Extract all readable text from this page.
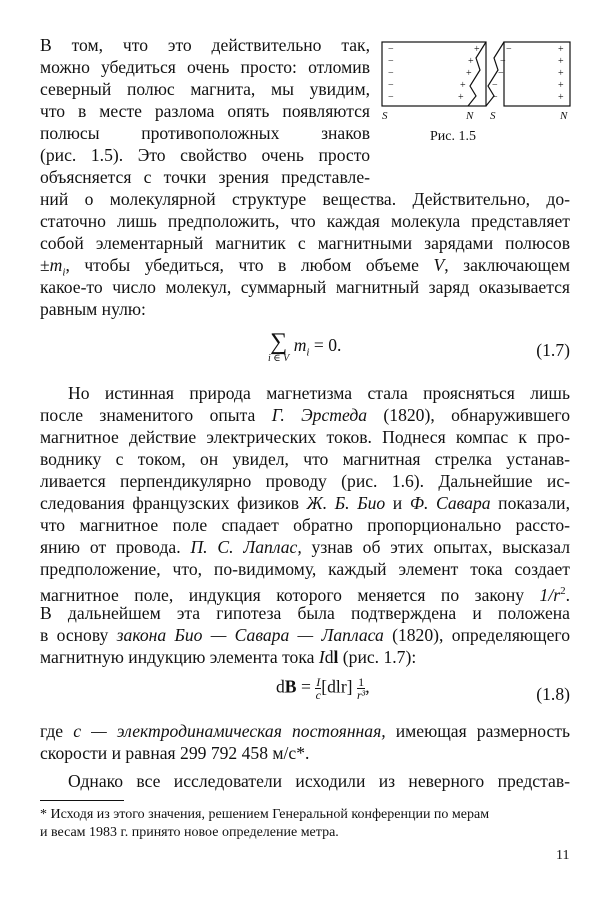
−
−
−
−
−
+
+
+
+
+
−
−
−
−
−
+
+
+
+
+
S	N S	N
Рис. 1.5
В том, что это действительно так,
можно убедиться очень просто: отломив
северный полюс магнита, мы увидим,
что в месте разлома опять появляются
полюсы противоположных знаков
(рис. 1.5). Это свойство очень просто
объясняется с точки зрения представле-
ний о молекулярной структуре вещества. Действительно, до-
статочно лишь предположить, что каждая молекула представляет
собой элементарный магнитик с магнитными зарядами полюсов
$\pm m_i$, чтобы убедиться, что в любом объеме V, заключающем
какое-то число молекул, суммарный магнитный заряд оказывается
равным нулю:
∑
i ∈ V
$m_i = 0$.	(1.7)
Но истинная природа магнетизма стала проясняться лишь
после знаменитого опыта Г. Эрстеда (1820), обнаружившего
магнитное действие электрических токов. Поднеся компас к про-
воднику с током, он увидел, что магнитная стрелка устанав-
ливается перпендикулярно проводу (рис. 1.6). Дальнейшие ис-
следования французских физиков Ж. Б. Био и Ф. Савара показали,
что магнитное поле спадает обратно пропорционально рассто-
янию от провода. П. С. Лаплас, узнав об этих опытах, высказал
предположение, что, по-видимому, каждый элемент тока создает
магнитное поле, индукция которого меняется по закону $1/r^2$.
В дальнейшем эта гипотеза была подтверждена и положена
в основу закона Био — Савара — Лапласа (1820), определяющего
магнитную индукцию элемента тока Idl (рис. 1.7):
dB = $\frac{I}{c} [dlr] \frac{1}{\text{r³}}$ ,	(1.8)
где c — электродинамическая постоянная, имеющая размерность
скорости и равная 299 792 458 м/с*.
Однако все исследователи исходили из неверного представ-
* Исходя из этого значения, решением Генеральной конференции по мерам
и весам 1983 г. принято новое определение метра.
11
